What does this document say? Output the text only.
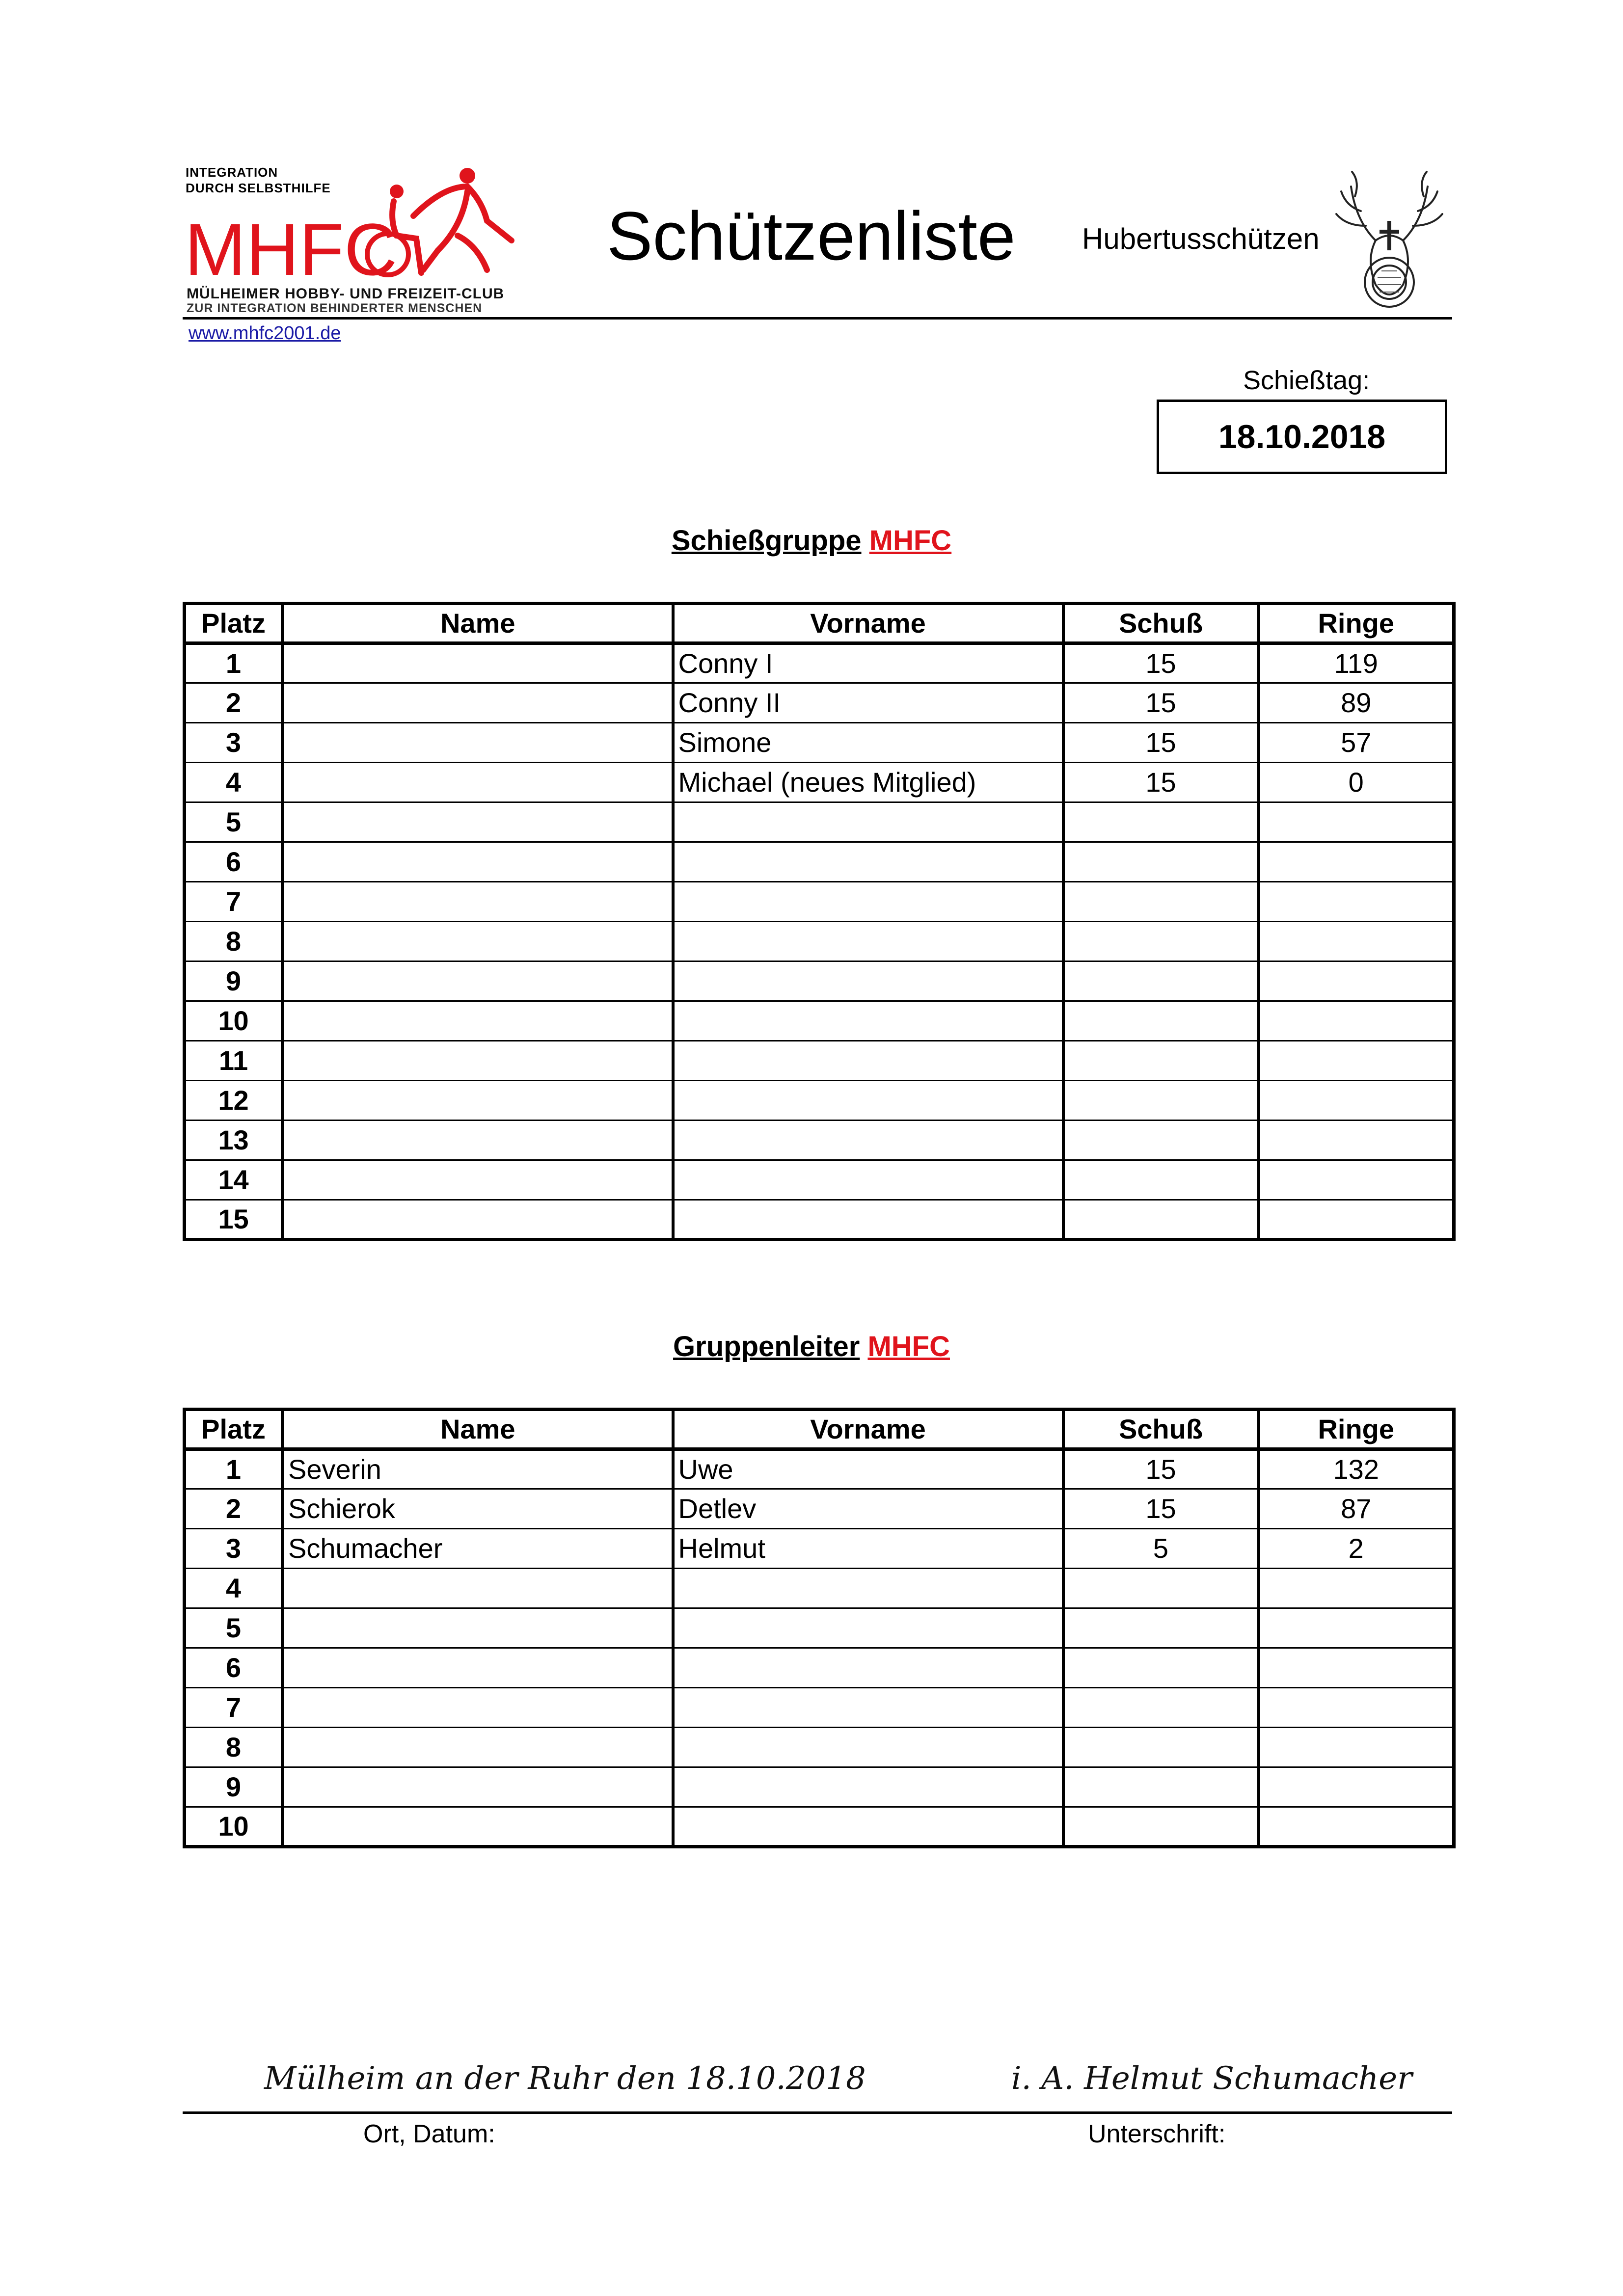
MHFC
INTEGRATION
DURCH SELBSTHILFE
MÜLHEIMER HOBBY- UND FREIZEIT-CLUB
ZUR INTEGRATION BEHINDERTER MENSCHEN
www.mhfc2001.de
Schützenliste Hubertusschützen
Schießtag:
18.10.2018
Schießgruppe MHFC
Platz	Name	Vorname	Schuß	Ringe
1		Conny I	15	119
2		Conny II	15	89
3		Simone	15	57
4		Michael (neues Mitglied)	15	0
5				
6				
7				
8				
9				
10				
11				
12				
13				
14				
15				
Gruppenleiter MHFC
Platz	Name	Vorname	Schuß	Ringe
1	Severin	Uwe	15	132
2	Schierok	Detlev	15	87
3	Schumacher	Helmut	5	2
4				
5				
6				
7				
8				
9				
10				
Mülheim an der Ruhr den 18.10.2018	i. A. Helmut Schumacher
Ort, Datum:	Unterschrift:
